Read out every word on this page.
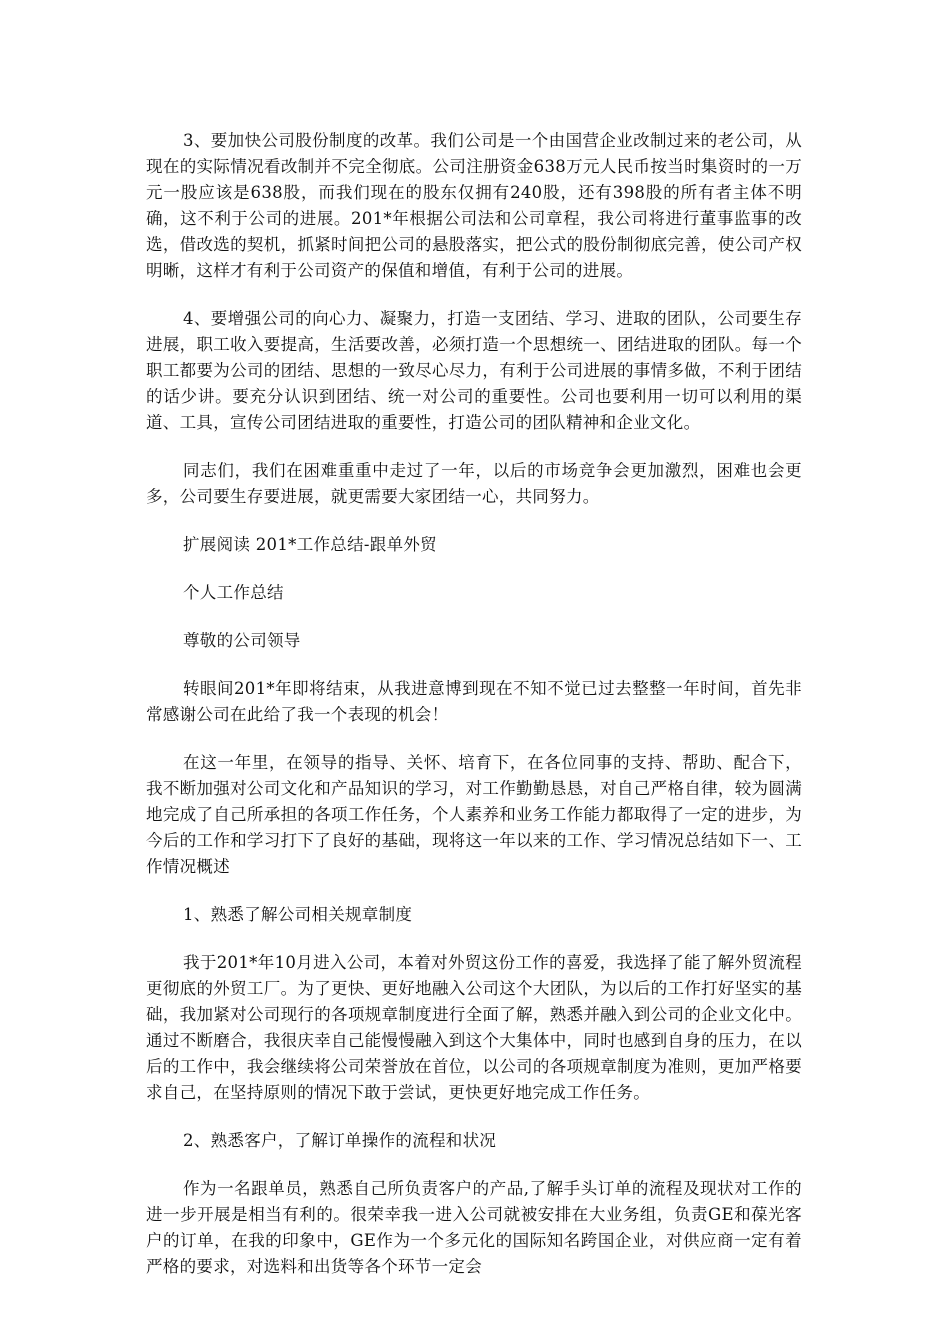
3、要加快公司股份制度的改革。我们公司是一个由国营企业改制过来的老公司，从现在的实际情况看改制并不完全彻底。公司注册资金638万元人民币按当时集资时的一万元一股应该是638股，而我们现在的股东仅拥有240股，还有398股的所有者主体不明确，这不利于公司的进展。201*年根据公司法和公司章程，我公司将进行董事监事的改选，借改选的契机，抓紧时间把公司的悬股落实，把公式的股份制彻底完善，使公司产权明晰，这样才有利于公司资产的保值和增值，有利于公司的进展。

4、要增强公司的向心力、凝聚力，打造一支团结、学习、进取的团队，公司要生存进展，职工收入要提高，生活要改善，必须打造一个思想统一、团结进取的团队。每一个职工都要为公司的团结、思想的一致尽心尽力，有利于公司进展的事情多做，不利于团结的话少讲。要充分认识到团结、统一对公司的重要性。公司也要利用一切可以利用的渠道、工具，宣传公司团结进取的重要性，打造公司的团队精神和企业文化。

同志们，我们在困难重重中走过了一年，以后的市场竞争会更加激烈，困难也会更多，公司要生存要进展，就更需要大家团结一心，共同努力。

扩展阅读 201*工作总结-跟单外贸

个人工作总结

尊敬的公司领导

转眼间201*年即将结束，从我进意博到现在不知不觉已过去整整一年时间，首先非常感谢公司在此给了我一个表现的机会！

在这一年里，在领导的指导、关怀、培育下，在各位同事的支持、帮助、配合下，我不断加强对公司文化和产品知识的学习，对工作勤勤恳恳，对自己严格自律，较为圆满地完成了自己所承担的各项工作任务，个人素养和业务工作能力都取得了一定的进步，为今后的工作和学习打下了良好的基础，现将这一年以来的工作、学习情况总结如下一、工作情况概述

1、熟悉了解公司相关规章制度

我于201*年10月进入公司，本着对外贸这份工作的喜爱，我选择了能了解外贸流程更彻底的外贸工厂。为了更快、更好地融入公司这个大团队，为以后的工作打好坚实的基础，我加紧对公司现行的各项规章制度进行全面了解，熟悉并融入到公司的企业文化中。通过不断磨合，我很庆幸自己能慢慢融入到这个大集体中，同时也感到自身的压力，在以后的工作中，我会继续将公司荣誉放在首位，以公司的各项规章制度为准则，更加严格要求自己，在坚持原则的情况下敢于尝试，更快更好地完成工作任务。

2、熟悉客户，了解订单操作的流程和状况

作为一名跟单员，熟悉自己所负责客户的产品,了解手头订单的流程及现状对工作的进一步开展是相当有利的。很荣幸我一进入公司就被安排在大业务组，负责GE和葆光客户的订单，在我的印象中，GE作为一个多元化的国际知名跨国企业，对供应商一定有着严格的要求，对选料和出货等各个环节一定会
